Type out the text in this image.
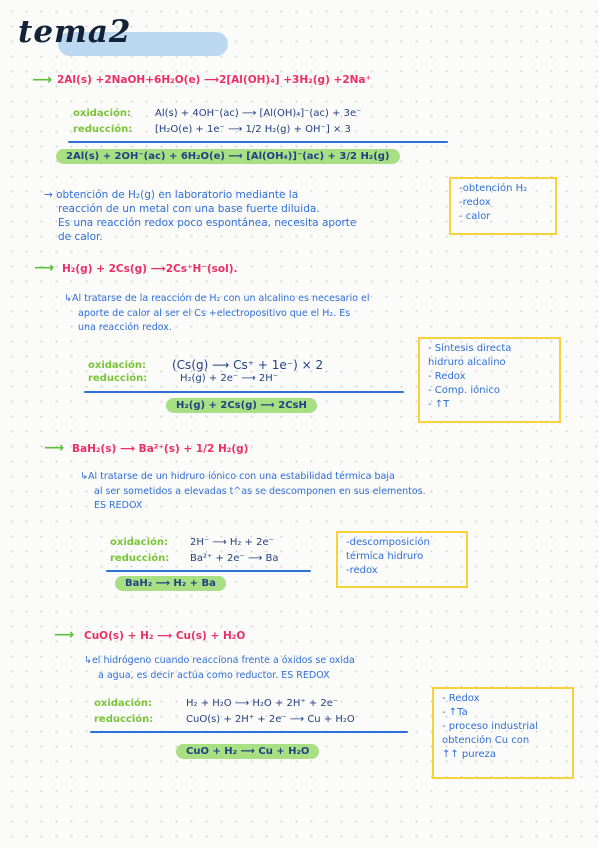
tema2
⟶ 2Al(s) +2NaOH+6H₂O(e) ⟶2[Al(OH)₄] +3H₂(g) +2Na⁺
oxidación: Al(s) + 4OH⁻(ac) ⟶ [Al(OH)₄]⁻(ac) + 3e⁻
reducción: [H₂O(e) + 1e⁻ ⟶ 1/2 H₂(g) + OH⁻] × 3
2Al(s) + 2OH⁻(ac) + 6H₂O(e) ⟶ [Al(OH₄)]⁻(ac) + 3/2 H₂(g)
→ obtención de H₂(g) en laboratorio mediante la
reacción de un metal con una base fuerte diluida.
Es una reacción redox poco espontánea, necesita aporte
de calor.
-obtención H₂
-redox
- calor
⟶ H₂(g) + 2Cs(g) ⟶2Cs⁺H⁻(sol).
↳Al tratarse de la reacción de H₂ con un alcalino es necesario el
aporte de calor al ser el Cs +electropositivo que el H₂. Es
una reacción redox.
oxidación: (Cs(g) ⟶ Cs⁺ + 1e⁻) × 2
reducción:	H₂(g) + 2e⁻ ⟶ 2H⁻
H₂(g) + 2Cs(g) ⟶ 2CsH
- Síntesis directa
hidruro alcalino
- Redox
- Comp. iónico
- ↑T
⟶ BaH₂(s) ⟶ Ba²⁺(s) + 1/2 H₂(g)
↳Al tratarse de un hidruro iónico con una estabilidad térmica baja
al ser sometidos a elevadas t^as se descomponen en sus elementos.
ES REDOX
oxidación: 2H⁻ ⟶ H₂ + 2e⁻
reducción: Ba²⁺ + 2e⁻ ⟶ Ba
BaH₂ ⟶ H₂ + Ba
-descomposición
térmica hidruro
-redox
⟶ CuO(s) + H₂ ⟶ Cu(s) + H₂O
↳el hidrógeno cuando reacciona frente a óxidos se oxida
a agua, es decir actúa como reductor. ES REDOX
oxidación:	H₂ + H₂O ⟶ H₂O + 2H⁺ + 2e⁻
reducción:	CuO(s) + 2H⁺ + 2e⁻ ⟶ Cu + H₂O
CuO + H₂ ⟶ Cu + H₂O
- Redox
- ↑Ta
- proceso industrial
obtención Cu con
↑↑ pureza
